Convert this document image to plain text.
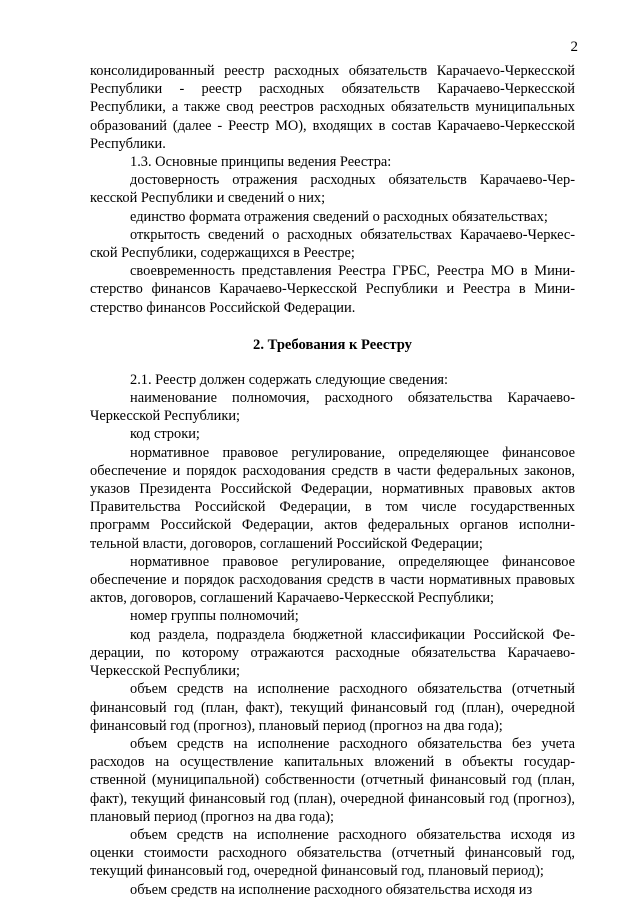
2

консолидированный реестр расходных обязательств Карачаеvo-Черкесской Республики - реестр расходных обязательств Карачаево-Черкесской Республики, а также свод реестров расходных обязательств муниципальных образований (далее - Реестр МО), входящих в состав Карачаево-Черкесской Республики.

1.3. Основные принципы ведения Реестра:

достоверность отражения расходных обязательств Карачаево-Черкесской Республики и сведений о них;

единство формата отражения сведений о расходных обязательствах;

открытость сведений о расходных обязательствах Карачаево-Черкесской Республики, содержащихся в Реестре;

своевременность представления Реестра ГРБС, Реестра МО в Министерство финансов Карачаево-Черкесской Республики и Реестра в Министерство финансов Российской Федерации.

2. Требования к Реестру

2.1. Реестр должен содержать следующие сведения:

наименование полномочия, расходного обязательства Карачаево-Черкесской Республики;

код строки;

нормативное правовое регулирование, определяющее финансовое обеспечение и порядок расходования средств в части федеральных законов, указов Президента Российской Федерации, нормативных правовых актов Правительства Российской Федерации, в том числе государственных программ Российской Федерации, актов федеральных органов исполнительной власти, договоров, соглашений Российской Федерации;

нормативное правовое регулирование, определяющее финансовое обеспечение и порядок расходования средств в части нормативных правовых актов, договоров, соглашений Карачаево-Черкесской Республики;

номер группы полномочий;

код раздела, подраздела бюджетной классификации Российской Федерации, по которому отражаются расходные обязательства Карачаево-Черкесской Республики;

объем средств на исполнение расходного обязательства (отчетный финансовый год (план, факт), текущий финансовый год (план), очередной финансовый год (прогноз), плановый период (прогноз на два года);

объем средств на исполнение расходного обязательства без учета расходов на осуществление капитальных вложений в объекты государственной (муниципальной) собственности (отчетный финансовый год (план, факт), текущий финансовый год (план), очередной финансовый год (прогноз), плановый период (прогноз на два года);

объем средств на исполнение расходного обязательства исходя из оценки стоимости расходного обязательства (отчетный финансовый год, текущий финансовый год, очередной финансовый год, плановый период);

объем средств на исполнение расходного обязательства исходя из
